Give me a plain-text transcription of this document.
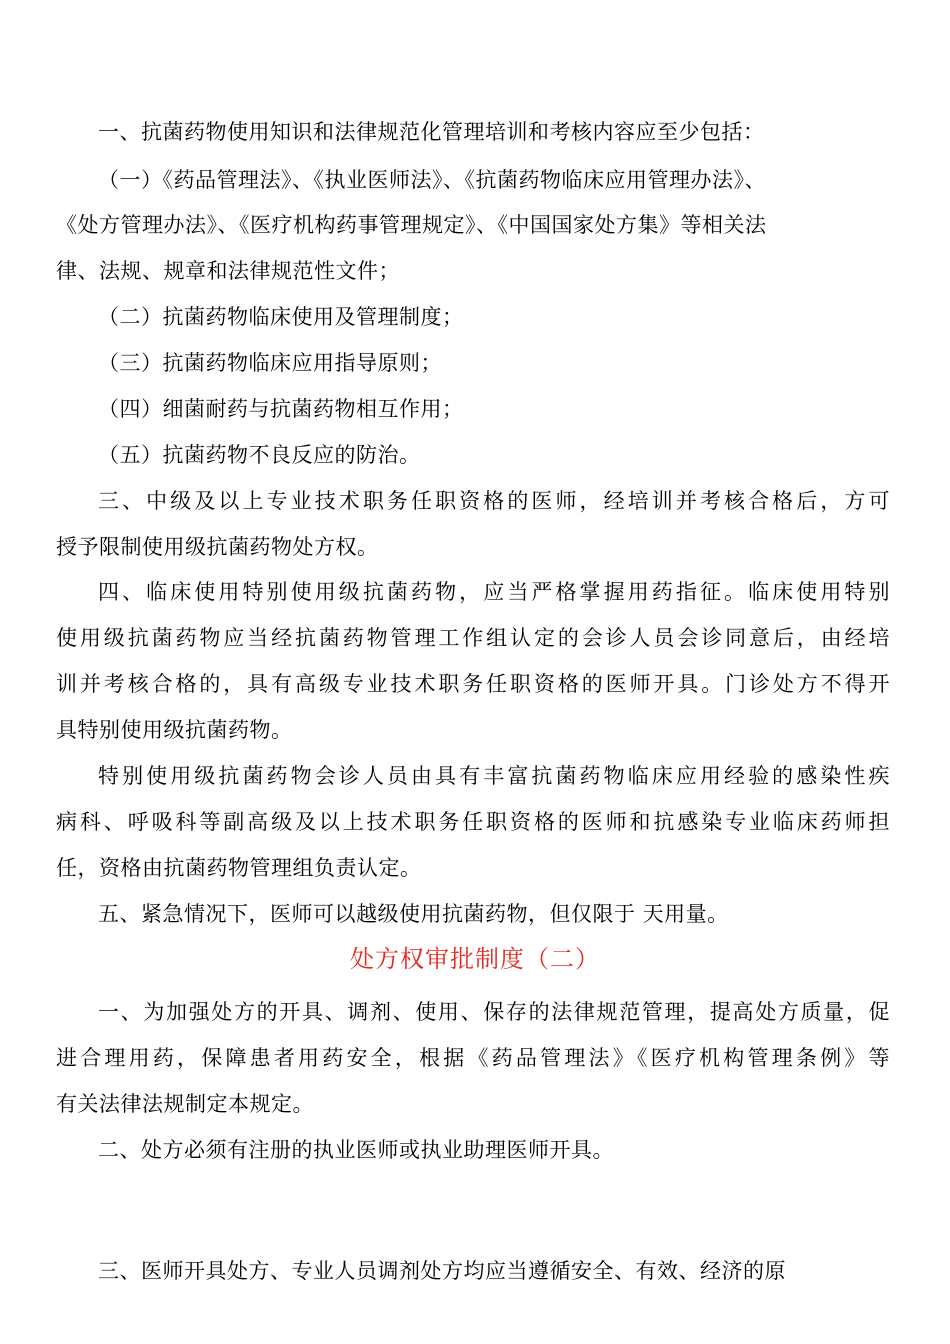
一、抗菌药物使用知识和法律规范化管理培训和考核内容应至少包括：
（一）《药品管理法》、《执业医师法》、《抗菌药物临床应用管理办法》、
《处方管理办法》、《医疗机构药事管理规定》、《中国国家处方集》等相关法
律、法规、规章和法律规范性文件；
（二）抗菌药物临床使用及管理制度；
（三）抗菌药物临床应用指导原则；
（四）细菌耐药与抗菌药物相互作用；
（五）抗菌药物不良反应的防治。
三、中级及以上专业技术职务任职资格的医师，经培训并考核合格后，方可
授予限制使用级抗菌药物处方权。
四、临床使用特别使用级抗菌药物，应当严格掌握用药指征。临床使用特别
使用级抗菌药物应当经抗菌药物管理工作组认定的会诊人员会诊同意后，由经培
训并考核合格的，具有高级专业技术职务任职资格的医师开具。门诊处方不得开
具特别使用级抗菌药物。
特别使用级抗菌药物会诊人员由具有丰富抗菌药物临床应用经验的感染性疾
病科、呼吸科等副高级及以上技术职务任职资格的医师和抗感染专业临床药师担
任，资格由抗菌药物管理组负责认定。
五、紧急情况下，医师可以越级使用抗菌药物，但仅限于 天用量。
处方权审批制度（二）
一、为加强处方的开具、调剂、使用、保存的法律规范管理，提高处方质量，促
进合理用药，保障患者用药安全，根据《药品管理法》《医疗机构管理条例》等
有关法律法规制定本规定。
二、处方必须有注册的执业医师或执业助理医师开具。
三、医师开具处方、专业人员调剂处方均应当遵循安全、有效、经济的原
